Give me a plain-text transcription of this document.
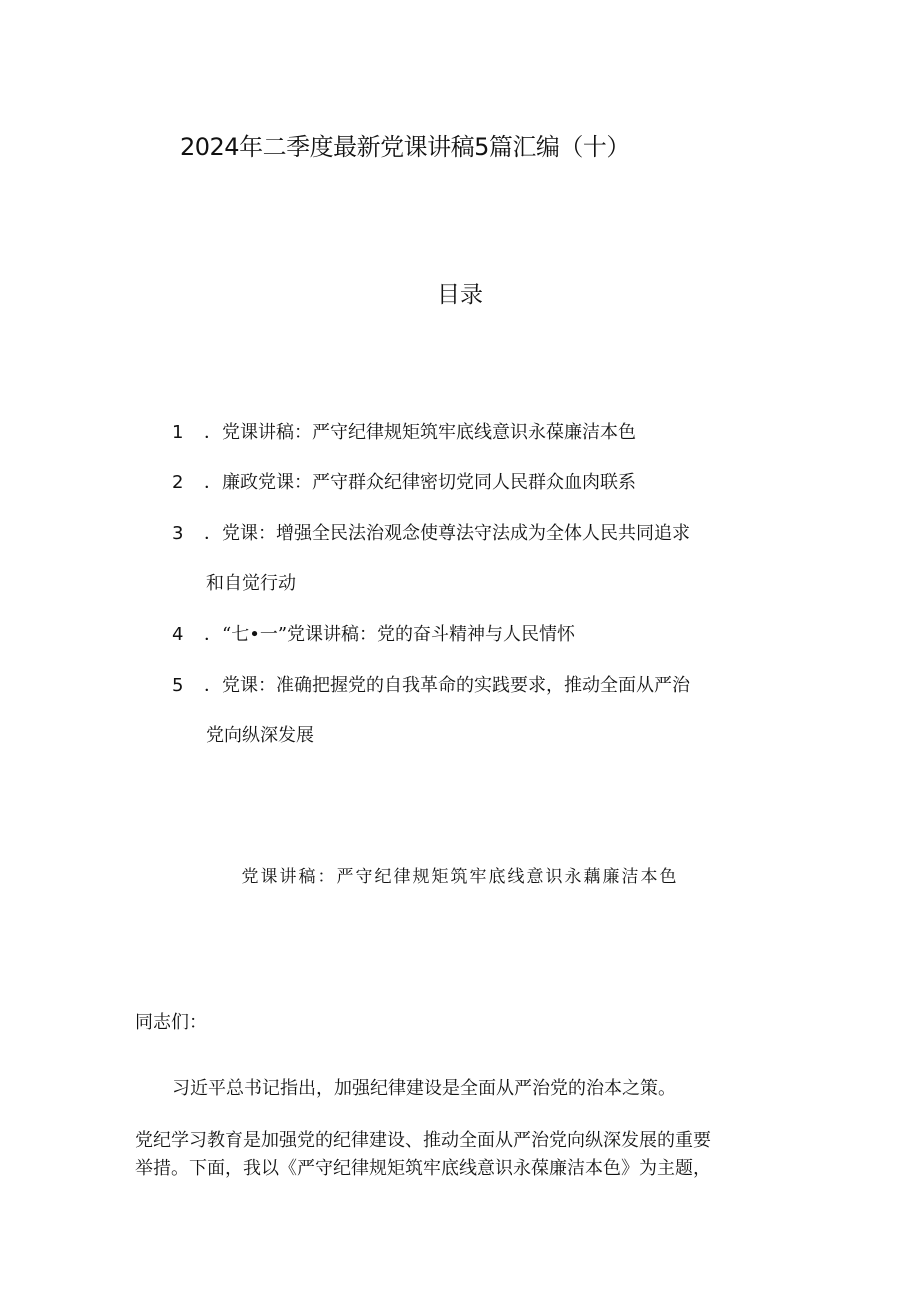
2024年二季度最新党课讲稿5篇汇编（十）
目录
1 ．党课讲稿：严守纪律规矩筑牢底线意识永葆廉洁本色
2 ．廉政党课：严守群众纪律密切党同人民群众血肉联系
3 ．党课：增强全民法治观念使尊法守法成为全体人民共同追求
和自觉行动
4 ．“七•一”党课讲稿：党的奋斗精神与人民情怀
5 ．党课：准确把握党的自我革命的实践要求，推动全面从严治
党向纵深发展
党课讲稿：严守纪律规矩筑牢底线意识永藕廉洁本色
同志们：
习近平总书记指出，加强纪律建设是全面从严治党的治本之策。
党纪学习教育是加强党的纪律建设、推动全面从严治党向纵深发展的重要
举措。下面，我以《严守纪律规矩筑牢底线意识永葆廉洁本色》为主题，
